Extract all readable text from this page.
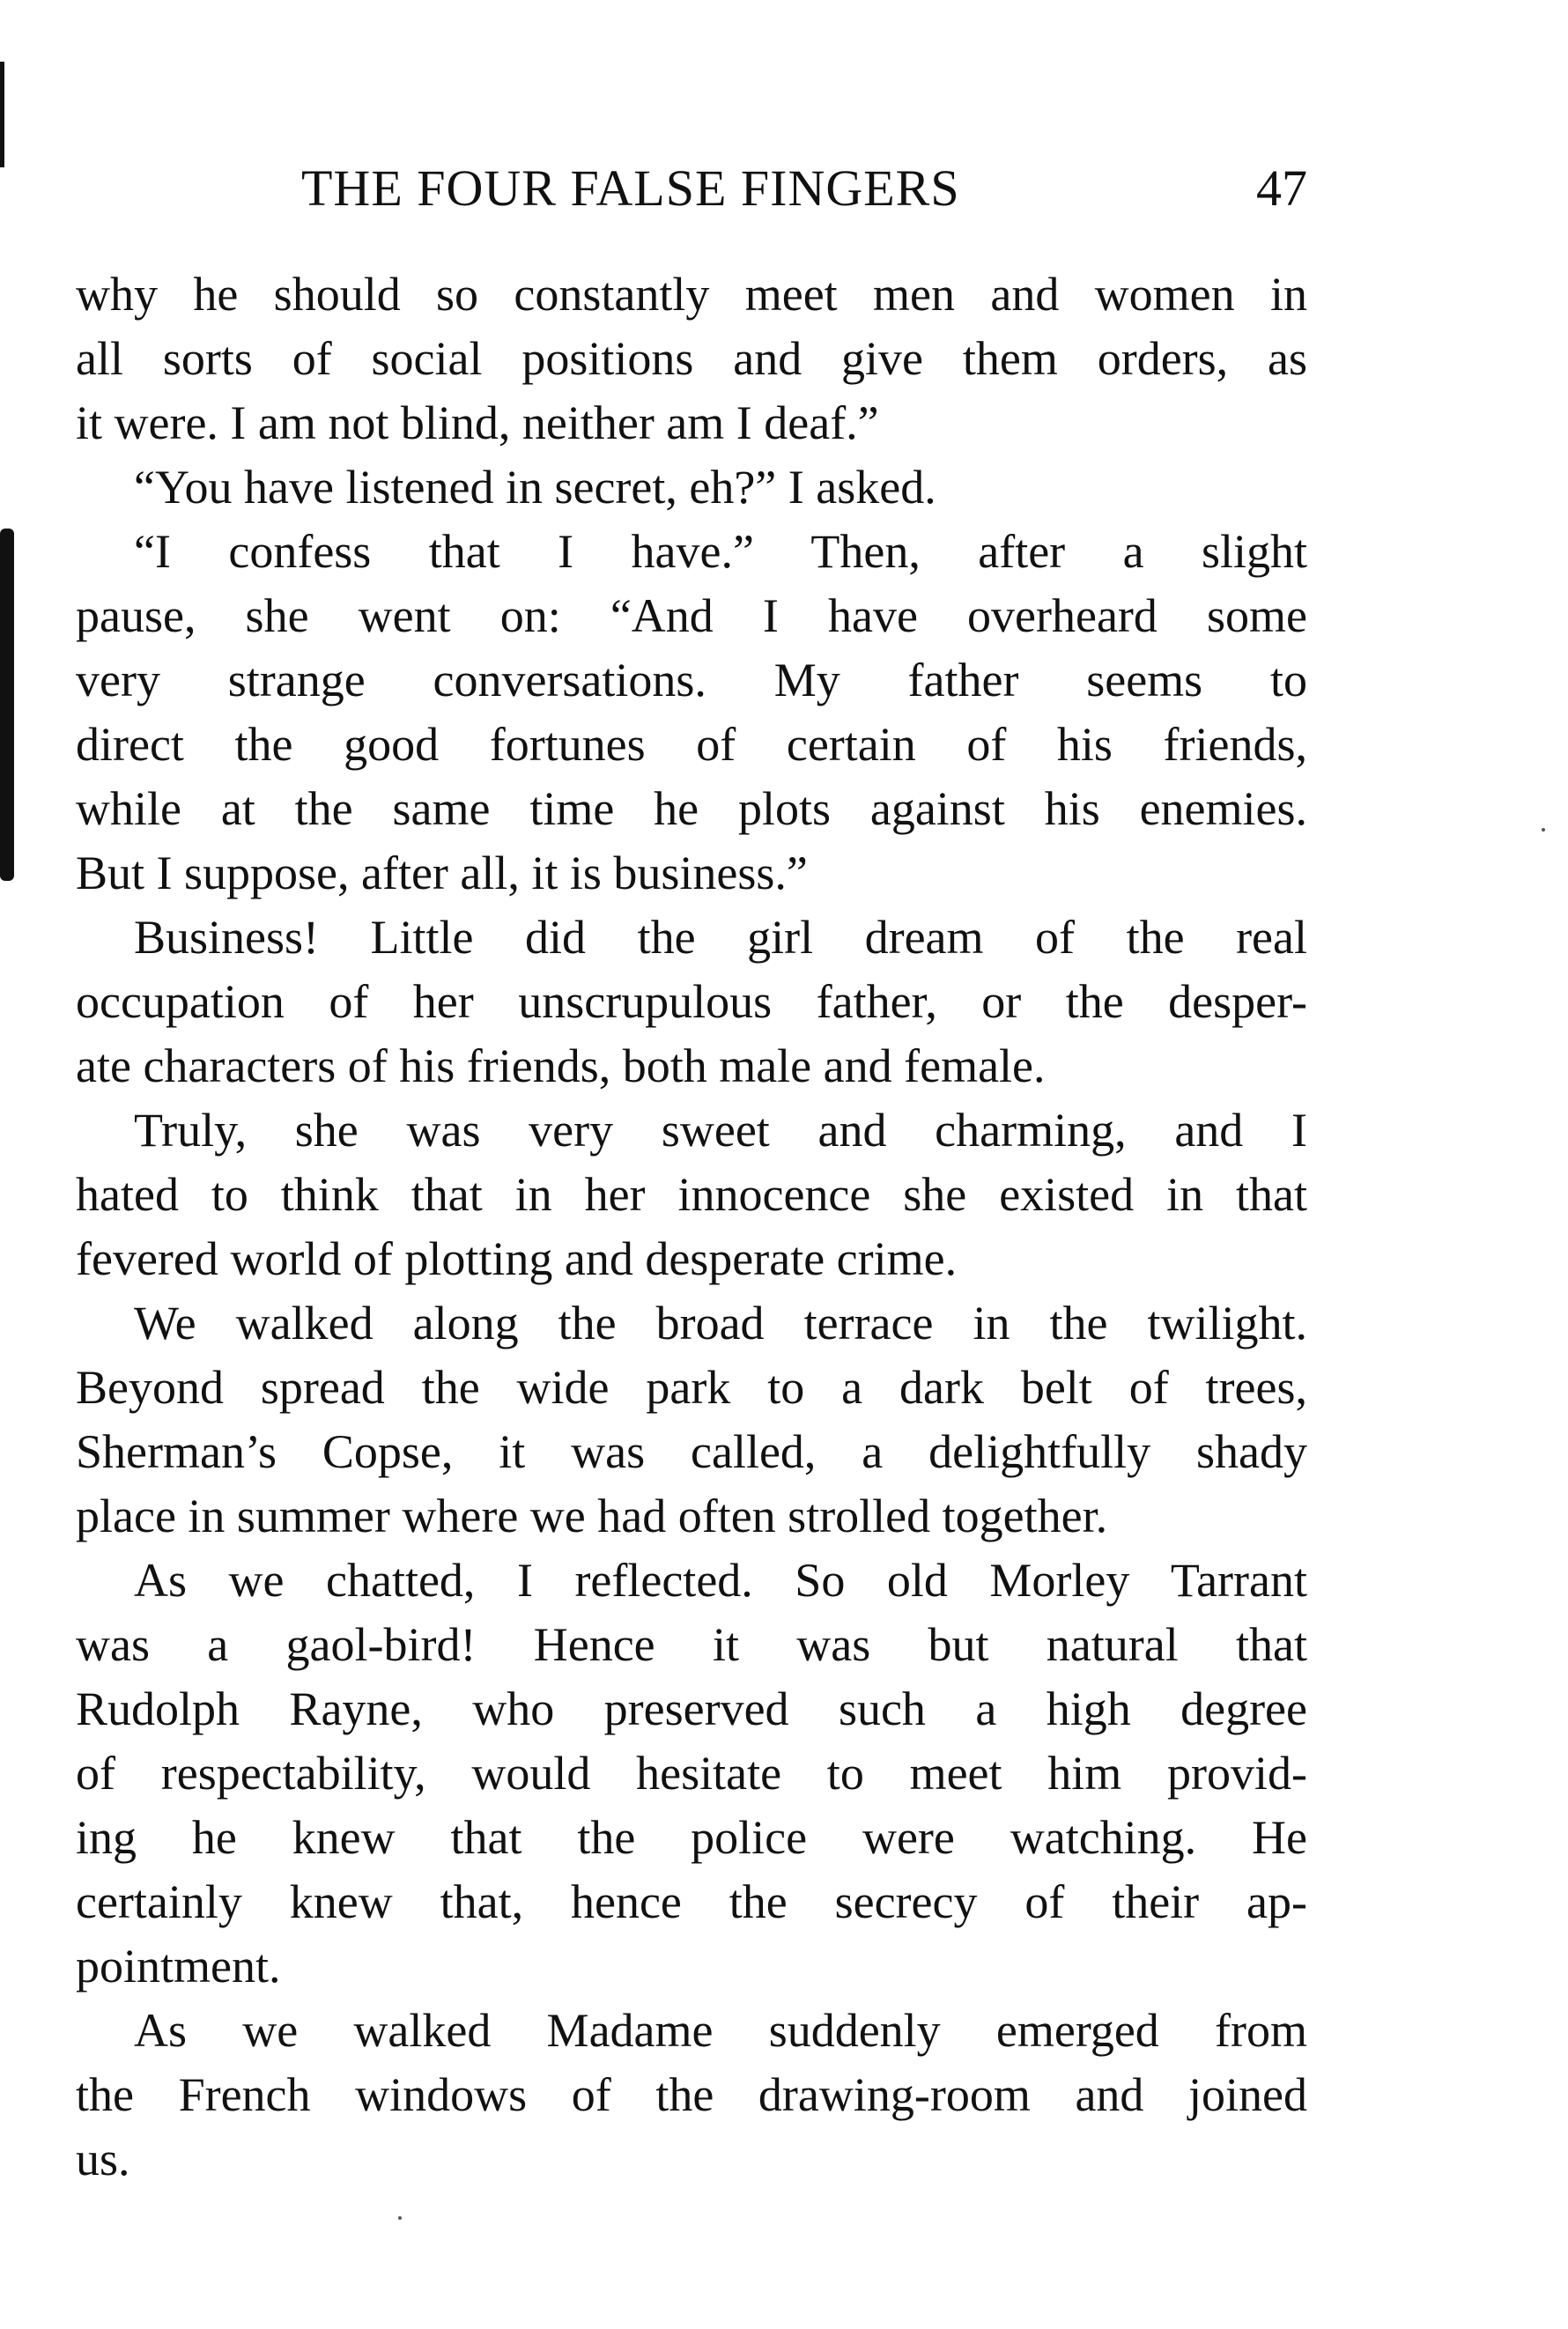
THE FOUR FALSE FINGERS	47
why he should so constantly meet men and women in
all sorts of social positions and give them orders, as
it were. I am not blind, neither am I deaf.”
“You have listened in secret, eh?” I asked.
“I confess that I have.” Then, after a slight
pause, she went on: “And I have overheard some
very strange conversations. My father seems to
direct the good fortunes of certain of his friends,
while at the same time he plots against his enemies.
But I suppose, after all, it is business.”
Business! Little did the girl dream of the real
occupation of her unscrupulous father, or the desper-
ate characters of his friends, both male and female.
Truly, she was very sweet and charming, and I
hated to think that in her innocence she existed in that
fevered world of plotting and desperate crime.
We walked along the broad terrace in the twilight.
Beyond spread the wide park to a dark belt of trees,
Sherman’s Copse, it was called, a delightfully shady
place in summer where we had often strolled together.
As we chatted, I reflected. So old Morley Tarrant
was a gaol-bird! Hence it was but natural that
Rudolph Rayne, who preserved such a high degree
of respectability, would hesitate to meet him provid-
ing he knew that the police were watching. He
certainly knew that, hence the secrecy of their ap-
pointment.
As we walked Madame suddenly emerged from
the French windows of the drawing-room and joined
us.
